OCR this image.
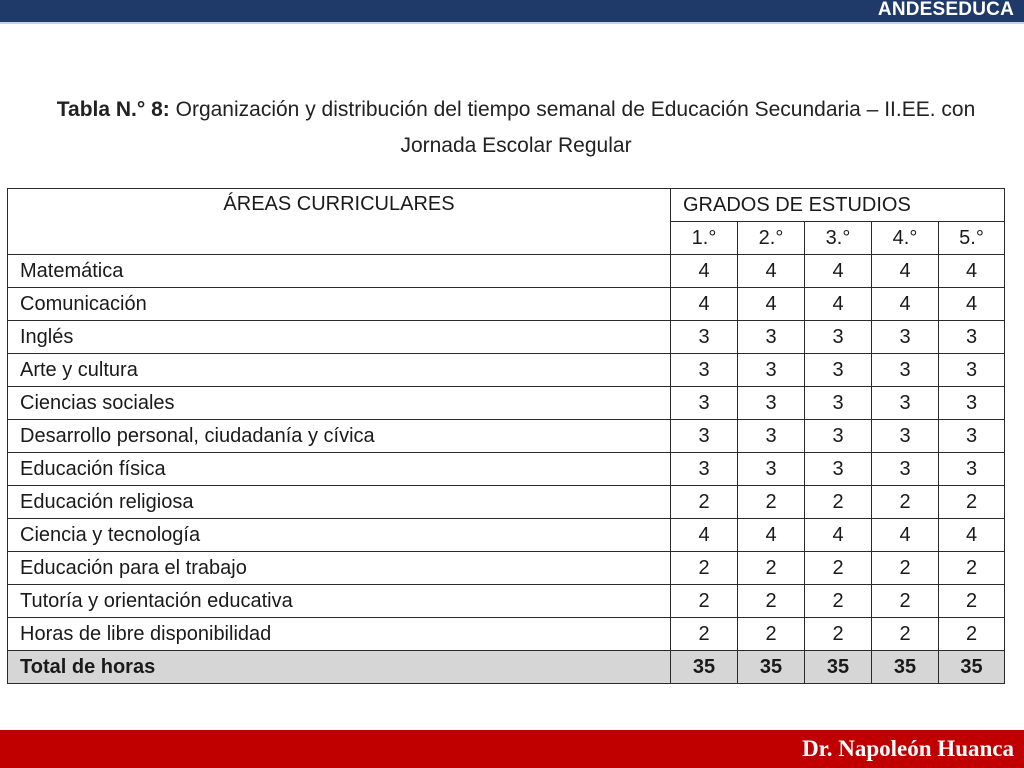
ANDESEDUCA
Tabla N.° 8: Organización y distribución del tiempo semanal de Educación Secundaria – II.EE. con Jornada Escolar Regular
ÁREAS CURRICULARES	GRADOS DE ESTUDIOS				
	1.°	2.°	3.°	4.°	5.°
Matemática	4	4	4	4	4
Comunicación	4	4	4	4	4
Inglés	3	3	3	3	3
Arte y cultura	3	3	3	3	3
Ciencias sociales	3	3	3	3	3
Desarrollo personal, ciudadanía y cívica	3	3	3	3	3
Educación física	3	3	3	3	3
Educación religiosa	2	2	2	2	2
Ciencia y tecnología	4	4	4	4	4
Educación para el trabajo	2	2	2	2	2
Tutoría y orientación educativa	2	2	2	2	2
Horas de libre disponibilidad	2	2	2	2	2
Total de horas	35	35	35	35	35
Dr. Napoleón Huanca
